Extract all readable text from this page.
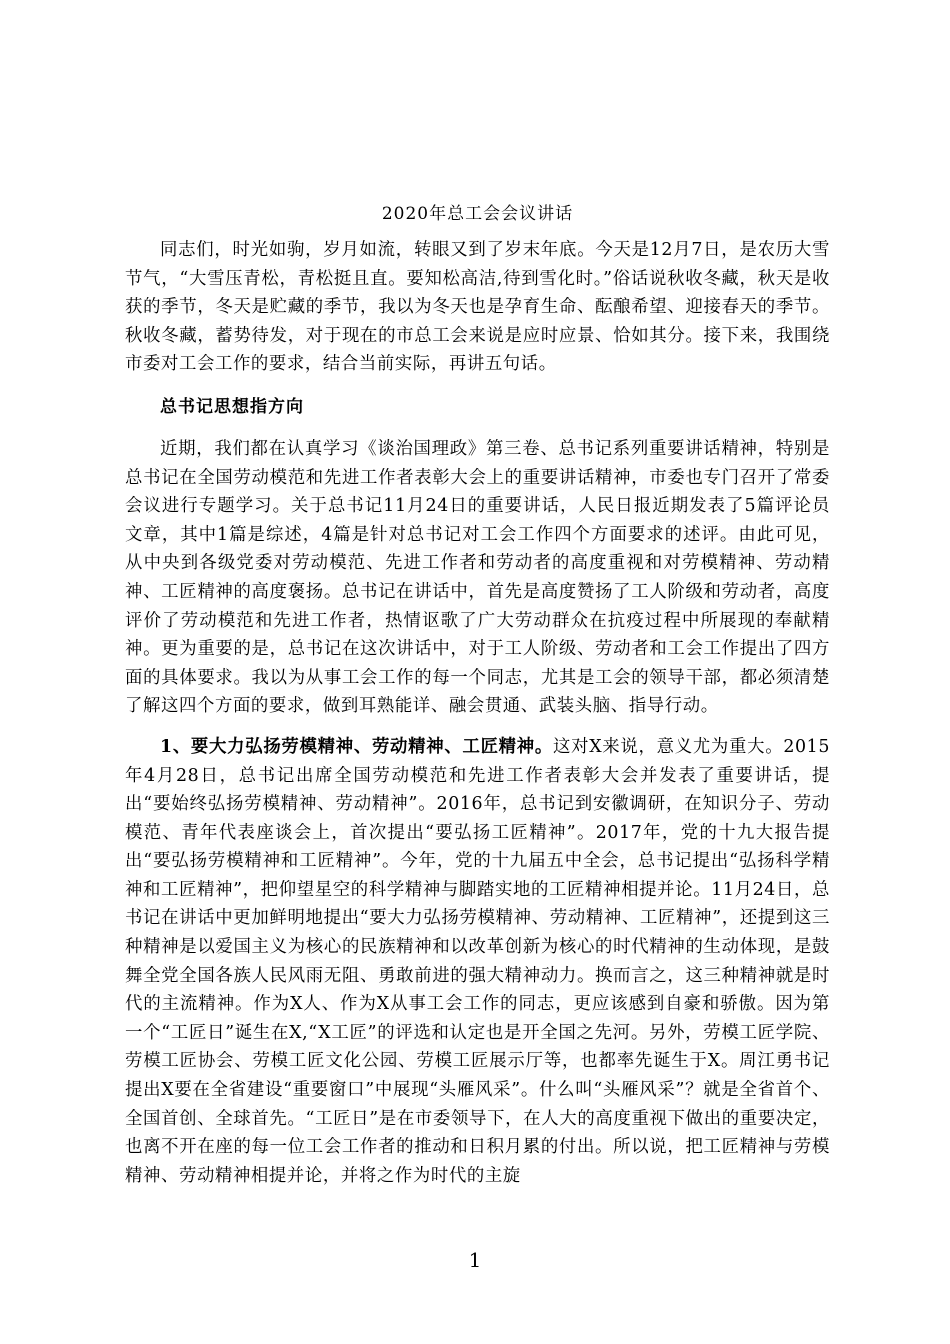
2020年总工会会议讲话

同志们，时光如驹，岁月如流，转眼又到了岁末年底。今天是12月7日，是农历大雪节气，“大雪压青松，青松挺且直。要知松高洁,待到雪化时。”俗话说秋收冬藏，秋天是收获的季节，冬天是贮藏的季节，我以为冬天也是孕育生命、酝酿希望、迎接春天的季节。秋收冬藏，蓄势待发，对于现在的市总工会来说是应时应景、恰如其分。接下来，我围绕市委对工会工作的要求，结合当前实际，再讲五句话。

总书记思想指方向

近期，我们都在认真学习《谈治国理政》第三卷、总书记系列重要讲话精神，特别是总书记在全国劳动模范和先进工作者表彰大会上的重要讲话精神，市委也专门召开了常委会议进行专题学习。关于总书记11月24日的重要讲话，人民日报近期发表了5篇评论员文章，其中1篇是综述，4篇是针对总书记对工会工作四个方面要求的述评。由此可见，从中央到各级党委对劳动模范、先进工作者和劳动者的高度重视和对劳模精神、劳动精神、工匠精神的高度褒扬。总书记在讲话中，首先是高度赞扬了工人阶级和劳动者，高度评价了劳动模范和先进工作者，热情讴歌了广大劳动群众在抗疫过程中所展现的奉献精神。更为重要的是，总书记在这次讲话中，对于工人阶级、劳动者和工会工作提出了四方面的具体要求。我以为从事工会工作的每一个同志，尤其是工会的领导干部，都必须清楚了解这四个方面的要求，做到耳熟能详、融会贯通、武装头脑、指导行动。

1、要大力弘扬劳模精神、劳动精神、工匠精神。这对X来说，意义尤为重大。2015年4月28日，总书记出席全国劳动模范和先进工作者表彰大会并发表了重要讲话，提出“要始终弘扬劳模精神、劳动精神”。2016年，总书记到安徽调研，在知识分子、劳动模范、青年代表座谈会上，首次提出“要弘扬工匠精神”。2017年，党的十九大报告提出“要弘扬劳模精神和工匠精神”。今年，党的十九届五中全会，总书记提出“弘扬科学精神和工匠精神”，把仰望星空的科学精神与脚踏实地的工匠精神相提并论。11月24日，总书记在讲话中更加鲜明地提出“要大力弘扬劳模精神、劳动精神、工匠精神”，还提到这三种精神是以爱国主义为核心的民族精神和以改革创新为核心的时代精神的生动体现，是鼓舞全党全国各族人民风雨无阻、勇敢前进的强大精神动力。换而言之，这三种精神就是时代的主流精神。作为X人、作为X从事工会工作的同志，更应该感到自豪和骄傲。因为第一个“工匠日”诞生在X,“X工匠”的评选和认定也是开全国之先河。另外，劳模工匠学院、劳模工匠协会、劳模工匠文化公园、劳模工匠展示厅等，也都率先诞生于X。周江勇书记提出X要在全省建设“重要窗口”中展现“头雁风采”。什么叫“头雁风采”？就是全省首个、全国首创、全球首先。“工匠日”是在市委领导下，在人大的高度重视下做出的重要决定，也离不开在座的每一位工会工作者的推动和日积月累的付出。所以说，把工匠精神与劳模精神、劳动精神相提并论，并将之作为时代的主旋

1
